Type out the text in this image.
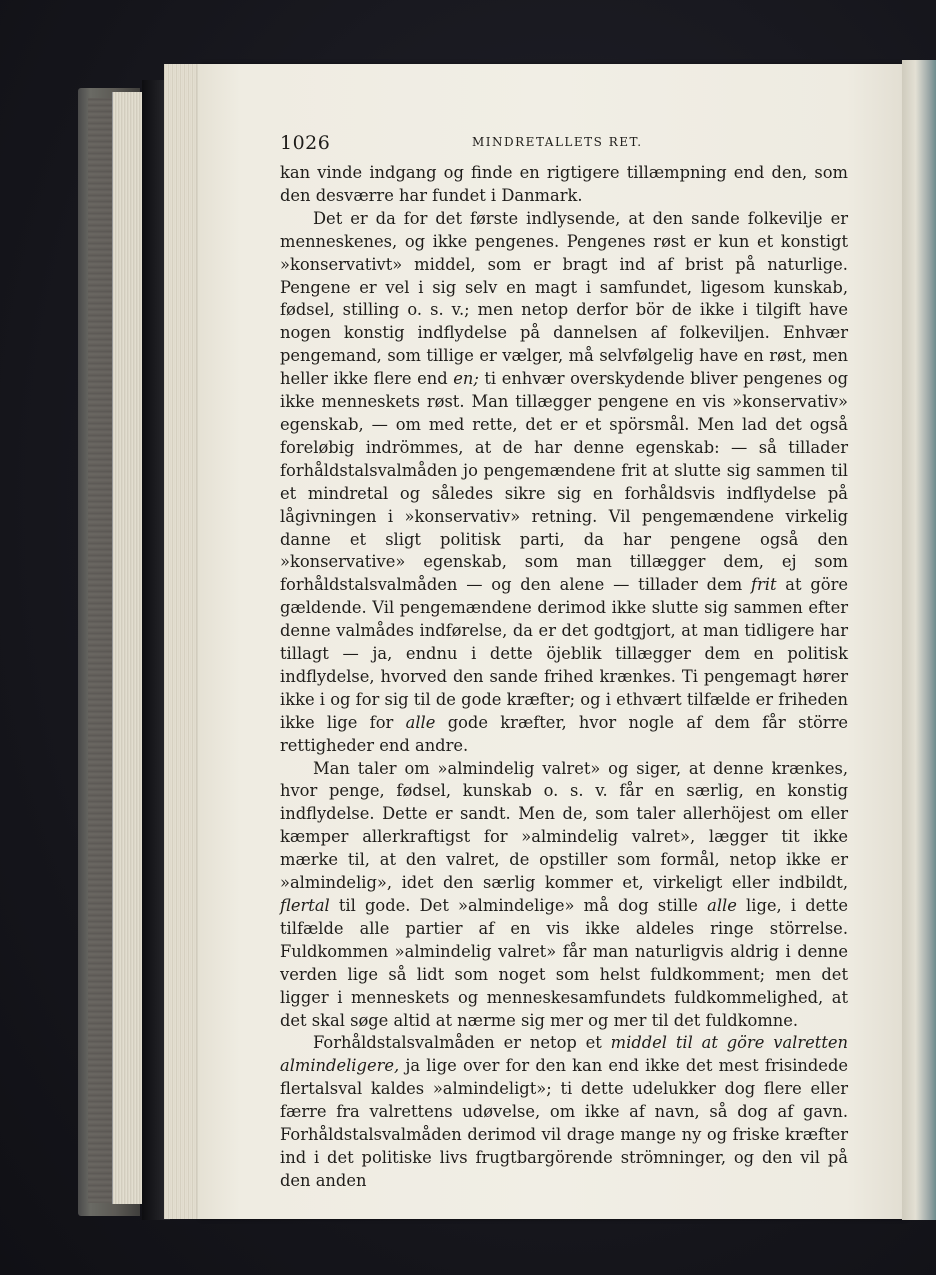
1026	MINDRETALLETS RET.

kan vinde indgang og finde en rigtigere tillæmpning end den, som den desværre har fundet i Danmark.

Det er da for det første indlysende, at den sande folkevilje er menneskenes, og ikke pengenes. Pengenes røst er kun et konstigt »konservativt» middel, som er bragt ind af brist på naturlige. Pengene er vel i sig selv en magt i samfundet, ligesom kunskab, fødsel, stilling o. s. v.; men netop derfor bör de ikke i tilgift have nogen konstig indflydelse på dannelsen af folkeviljen. Enhvær pengemand, som tillige er vælger, må selvfølgelig have en røst, men heller ikke flere end en; ti enhvær overskydende bliver pengenes og ikke menneskets røst. Man tillægger pengene en vis »konservativ» egenskab, — om med rette, det er et spörsmål. Men lad det også foreløbig indrömmes, at de har denne egenskab: — så tillader forhåldstalsvalmåden jo pengemændene frit at slutte sig sammen til et mindretal og således sikre sig en forhåldsvis indflydelse på lågivningen i »konservativ» retning. Vil pengemændene virkelig danne et sligt politisk parti, da har pengene også den »konservative» egenskab, som man tillægger dem, ej som forhåldstalsvalmåden — og den alene — tillader dem frit at göre gældende. Vil pengemændene derimod ikke slutte sig sammen efter denne valmådes indførelse, da er det godtgjort, at man tidligere har tillagt — ja, endnu i dette öjeblik tillægger dem en politisk indflydelse, hvorved den sande frihed krænkes. Ti pengemagt hører ikke i og for sig til de gode kræfter; og i ethvært tilfælde er friheden ikke lige for alle gode kræfter, hvor nogle af dem får större rettigheder end andre.

Man taler om »almindelig valret» og siger, at denne krænkes, hvor penge, fødsel, kunskab o. s. v. får en særlig, en konstig indflydelse. Dette er sandt. Men de, som taler allerhöjest om eller kæmper allerkraftigst for »almindelig valret», lægger tit ikke mærke til, at den valret, de opstiller som formål, netop ikke er »almindelig», idet den særlig kommer et, virkeligt eller indbildt, flertal til gode. Det »almindelige» må dog stille alle lige, i dette tilfælde alle partier af en vis ikke aldeles ringe störrelse. Fuldkommen »almindelig valret» får man naturligvis aldrig i denne verden lige så lidt som noget som helst fuldkomment; men det ligger i menneskets og menneskesamfundets fuldkommelighed, at det skal søge altid at nærme sig mer og mer til det fuldkomne.

Forhåldstalsvalmåden er netop et middel til at göre valretten almindeligere, ja lige over for den kan end ikke det mest frisindede flertalsval kaldes »almindeligt»; ti dette udelukker dog flere eller færre fra valrettens udøvelse, om ikke af navn, så dog af gavn. Forhåldstalsvalmåden derimod vil drage mange ny og friske kræfter ind i det politiske livs frugtbargörende strömninger, og den vil på den anden
